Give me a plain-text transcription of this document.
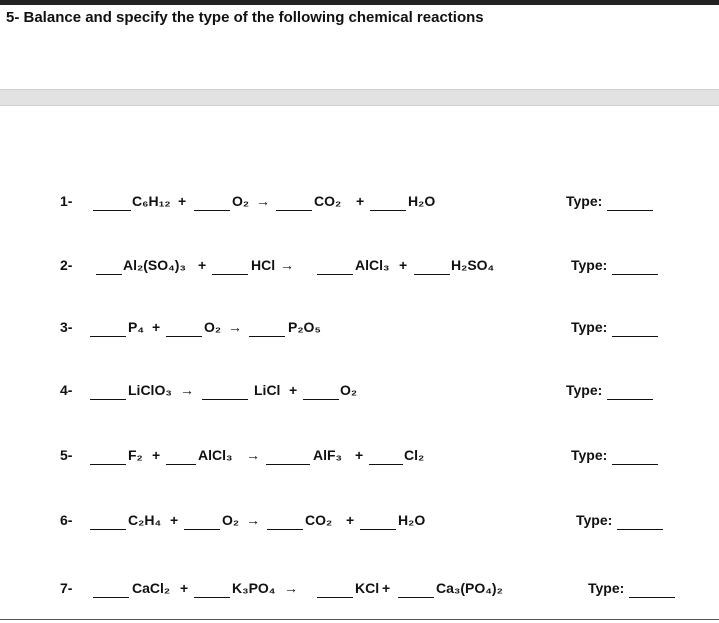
5- Balance and specify the type of the following chemical reactions
1-	C₆H₁₂ +	O₂ →	CO₂ +	H₂O	Type:
2-	Al₂(SO₄)₃ +	HCl →	AlCl₃ +	H₂SO₄	Type:
3-	P₄ +	O₂ →	P₂O₅	Type:
4-	LiClO₃ →	LiCl +	O₂	Type:
5-	F₂ +	AlCl₃ →	AlF₃ +	Cl₂	Type:
6-	C₂H₄ +	O₂ →	CO₂ +	H₂O	Type:
7-	CaCl₂ +	K₃PO₄ →	KCl +	Ca₃(PO₄)₂	Type:
